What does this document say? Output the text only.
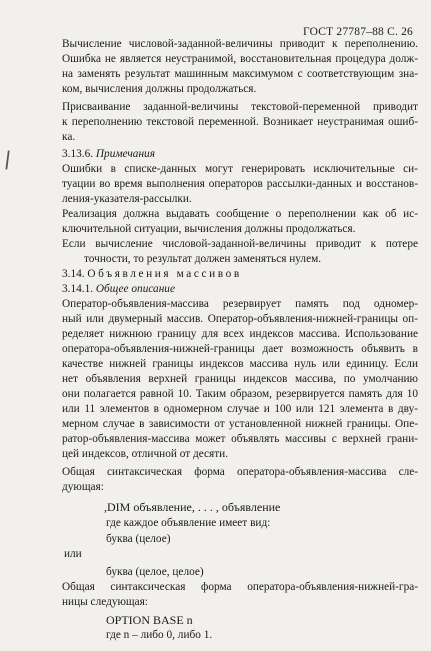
ГОСТ 27787–88 С. 26
/
Вычисление числовой-заданной-величины приводит к переполнению.
Ошибка не является неустранимой, восстановительная процедура долж-
на заменять результат машинным максимумом с соответствующим зна-
ком, вычисления должны продолжаться.
Присваивание заданной-величины текстовой-переменной приводит
к переполнению текстовой переменной. Возникает неустранимая ошиб-
ка.
3.13.6. Примечания
Ошибки в списке-данных могут генерировать исключительные си-
туации во время выполнения операторов рассылки-данных и восстанов-
ления-указателя-рассылки.
Реализация должна выдавать сообщение о переполнении как об ис-
ключительной ситуации, вычисления должны продолжаться.
Если вычисление числовой-заданной-величины приводит к потере
точности, то результат должен заменяться нулем.
3.14. Объявления массивов
3.14.1. Общее описание
Оператор-объявления-массива резервирует память под одномер-
ный или двумерный массив. Оператор-объявления-нижней-границы оп-
ределяет нижнюю границу для всех индексов массива. Использование
оператора-объявления-нижней-границы дает возможность объявить в
качестве нижней границы индексов массива нуль или единицу. Если
нет объявления верхней границы индексов массива, по умолчанию
они полагается равной 10. Таким образом, резервируется память для 10
или 11 элементов в одномерном случае и 100 или 121 элемента в дву-
мерном случае в зависимости от установленной нижней границы. Опе-
ратор-объявления-массива может объявлять массивы с верхней грани-
цей индексов, отличной от десяти.
Общая синтаксическая форма оператора-объявления-массива сле-
дующая:
,DIM объявление, . . . , объявление
где каждое объявление имеет вид:
буква (целое)
или
буква (целое, целое)
Общая синтаксическая форма оператора-объявления-нижней-гра-
ницы следующая:
OPTION BASE n
где n – либо 0, либо 1.
